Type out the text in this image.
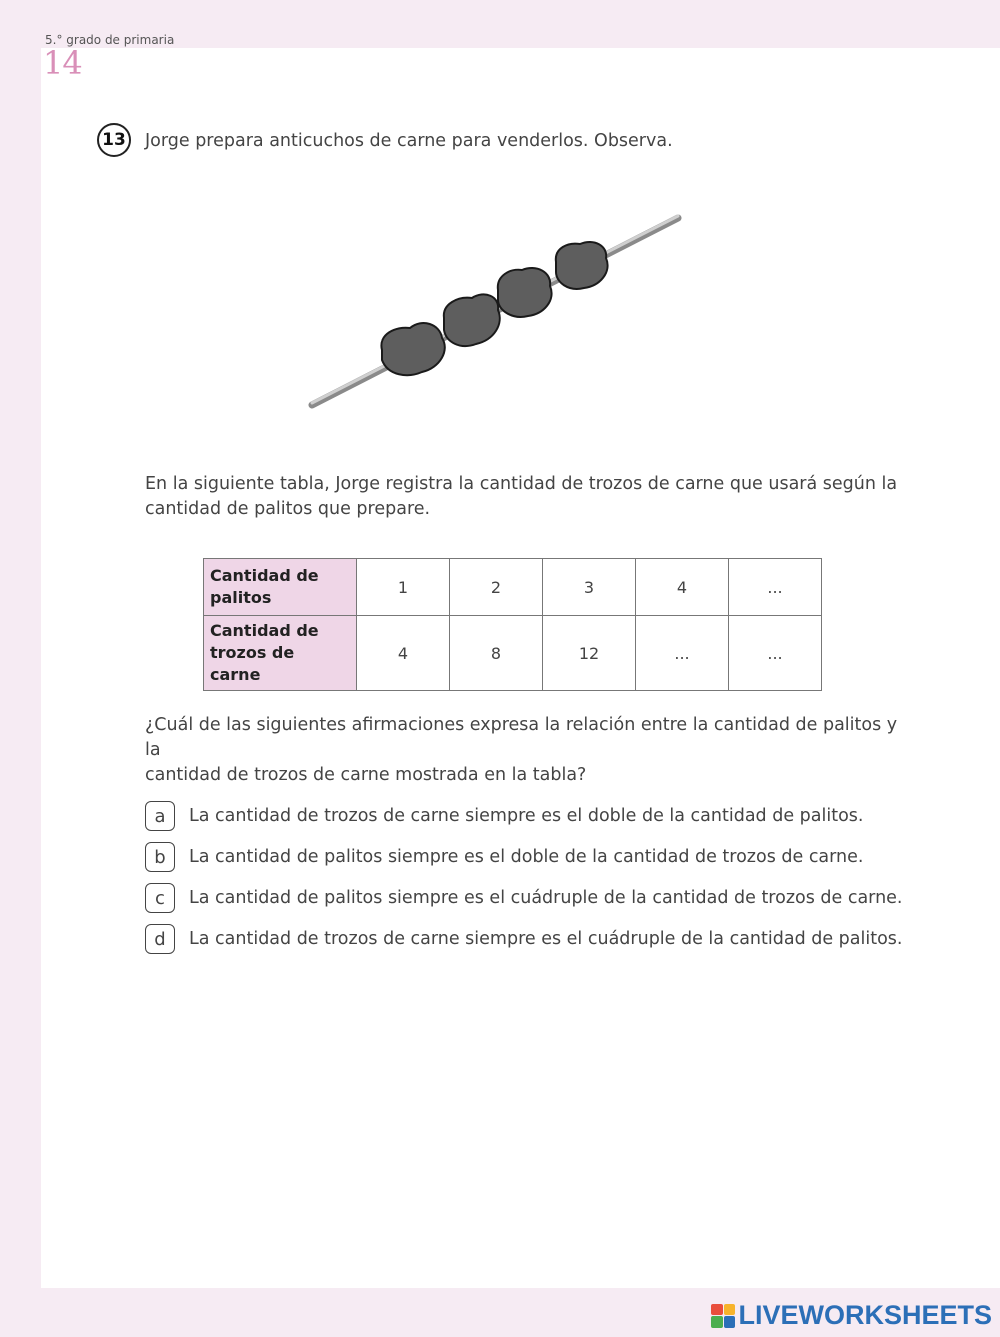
5.° grado de primaria
14
13 Jorge prepara anticuchos de carne para venderlos. Observa.
En la siguiente tabla, Jorge registra la cantidad de trozos de carne que usará según la
cantidad de palitos que prepare.
Cantidad de
palitos	1	2	3	4	...

Cantidad de
trozos de carne	4	8	12	...	...
¿Cuál de las siguientes afirmaciones expresa la relación entre la cantidad de palitos y la
cantidad de trozos de carne mostrada en la tabla?
a	La cantidad de trozos de carne siempre es el doble de la cantidad de palitos.
b	La cantidad de palitos siempre es el doble de la cantidad de trozos de carne.
c	La cantidad de palitos siempre es el cuádruple de la cantidad de trozos de carne.
d	La cantidad de trozos de carne siempre es el cuádruple de la cantidad de palitos.
LIVEWORKSHEETS
